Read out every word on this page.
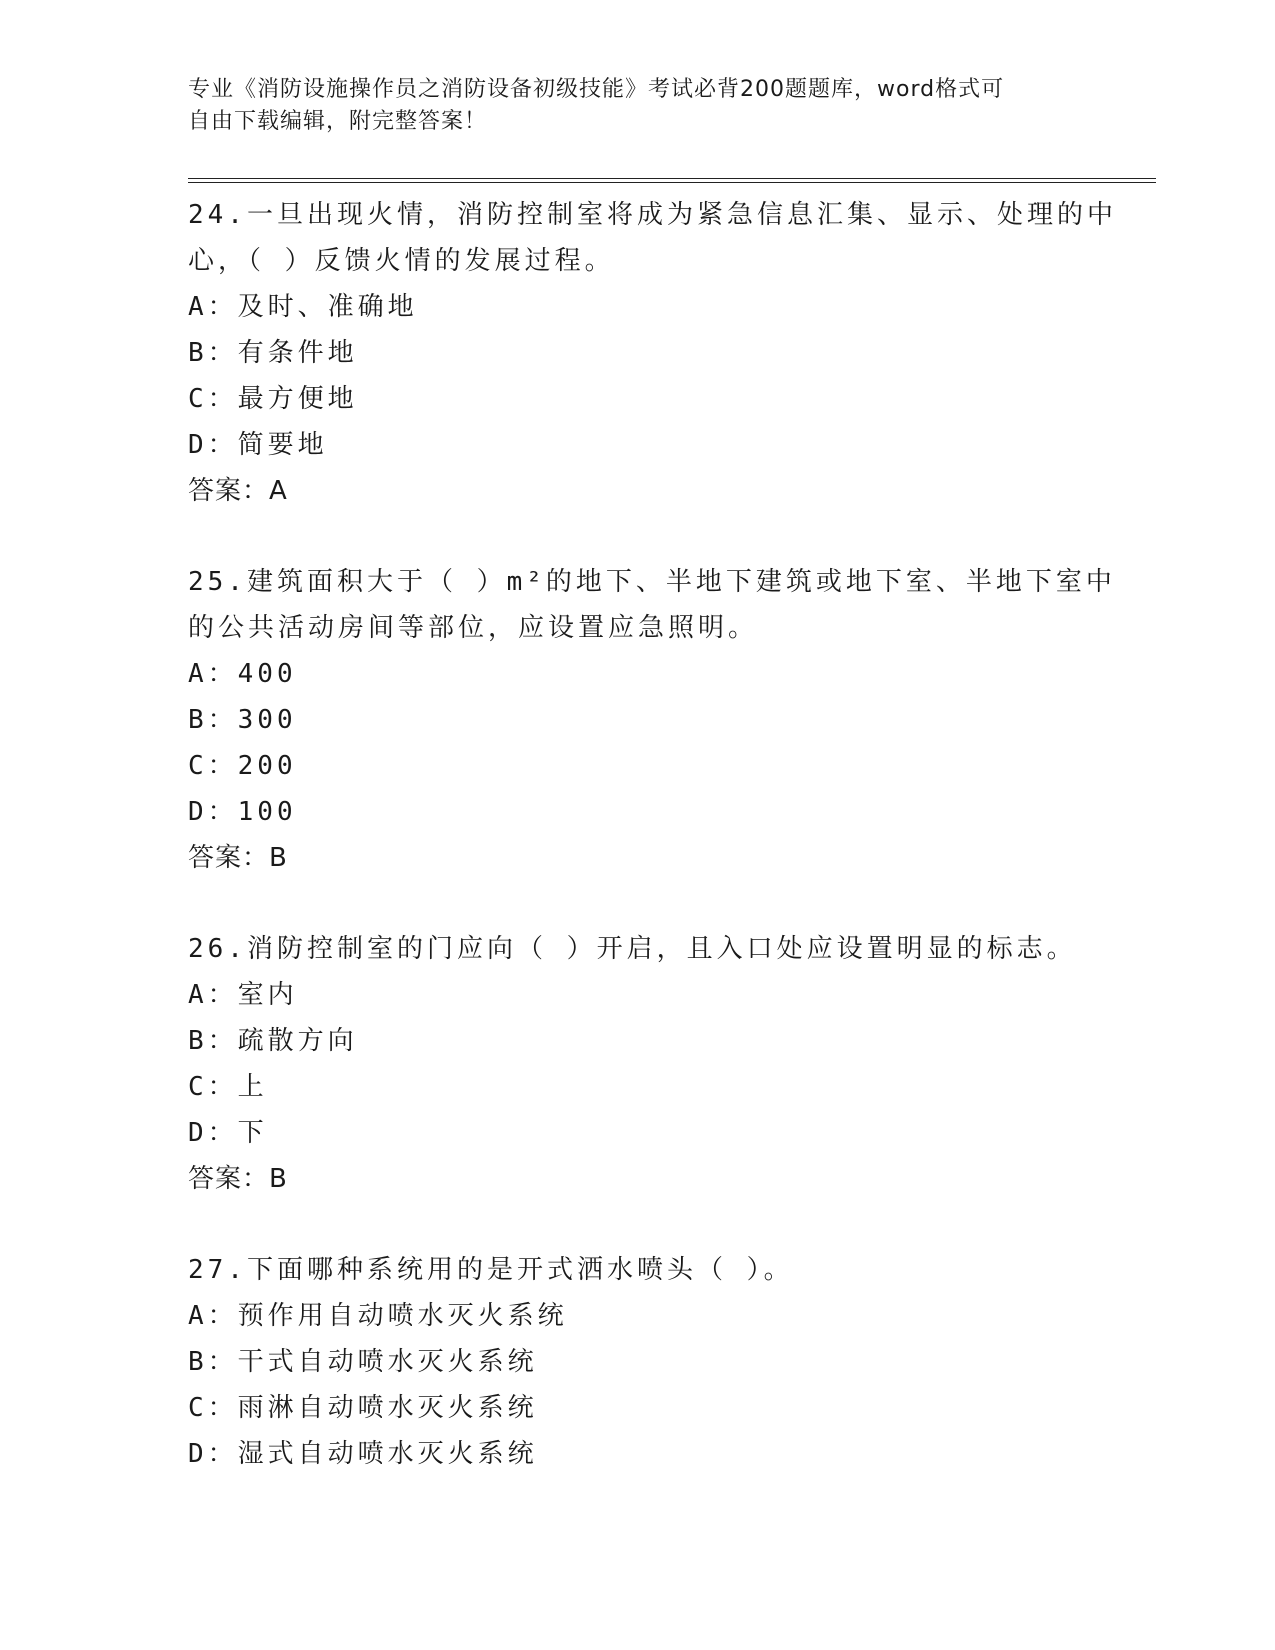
专业《消防设施操作员之消防设备初级技能》考试必背200题题库，word格式可
自由下载编辑，附完整答案！
24.一旦出现火情，消防控制室将成为紧急信息汇集、显示、处理的中
心，（ ）反馈火情的发展过程。
A：及时、准确地
B：有条件地
C：最方便地
D：简要地
答案：A
25.建筑面积大于（ ）m²的地下、半地下建筑或地下室、半地下室中
的公共活动房间等部位，应设置应急照明。
A：400
B：300
C：200
D：100
答案：B
26.消防控制室的门应向（ ）开启，且入口处应设置明显的标志。
A：室内
B：疏散方向
C：上
D：下
答案：B
27.下面哪种系统用的是开式洒水喷头（ ）。
A：预作用自动喷水灭火系统
B：干式自动喷水灭火系统
C：雨淋自动喷水灭火系统
D：湿式自动喷水灭火系统
